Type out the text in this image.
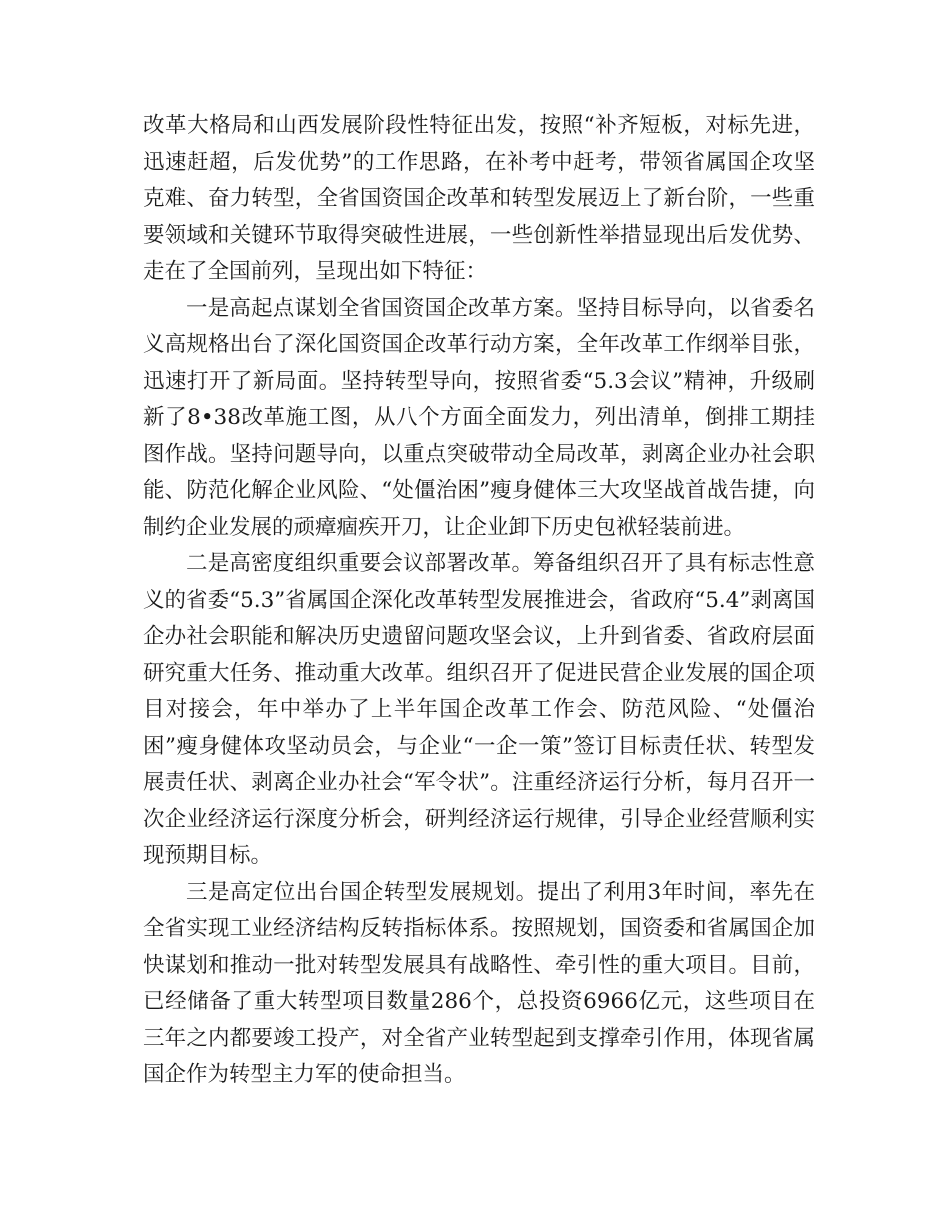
改革大格局和山西发展阶段性特征出发，按照“补齐短板，对标先进，迅速赶超，后发优势”的工作思路，在补考中赶考，带领省属国企攻坚克难、奋力转型，全省国资国企改革和转型发展迈上了新台阶，一些重要领域和关键环节取得突破性进展，一些创新性举措显现出后发优势、走在了全国前列，呈现出如下特征：

一是高起点谋划全省国资国企改革方案。坚持目标导向，以省委名义高规格出台了深化国资国企改革行动方案，全年改革工作纲举目张，迅速打开了新局面。坚持转型导向，按照省委“5.3会议”精神，升级刷新了8•38改革施工图，从八个方面全面发力，列出清单，倒排工期挂图作战。坚持问题导向，以重点突破带动全局改革，剥离企业办社会职能、防范化解企业风险、“处僵治困”瘦身健体三大攻坚战首战告捷，向制约企业发展的顽瘴痼疾开刀，让企业卸下历史包袱轻装前进。

二是高密度组织重要会议部署改革。筹备组织召开了具有标志性意义的省委“5.3”省属国企深化改革转型发展推进会，省政府“5.4”剥离国企办社会职能和解决历史遗留问题攻坚会议，上升到省委、省政府层面研究重大任务、推动重大改革。组织召开了促进民营企业发展的国企项目对接会，年中举办了上半年国企改革工作会、防范风险、“处僵治困”瘦身健体攻坚动员会，与企业“一企一策”签订目标责任状、转型发展责任状、剥离企业办社会“军令状”。注重经济运行分析，每月召开一次企业经济运行深度分析会，研判经济运行规律，引导企业经营顺利实现预期目标。

三是高定位出台国企转型发展规划。提出了利用3年时间，率先在全省实现工业经济结构反转指标体系。按照规划，国资委和省属国企加快谋划和推动一批对转型发展具有战略性、牵引性的重大项目。目前，已经储备了重大转型项目数量286个，总投资6966亿元，这些项目在三年之内都要竣工投产，对全省产业转型起到支撑牵引作用，体现省属国企作为转型主力军的使命担当。
